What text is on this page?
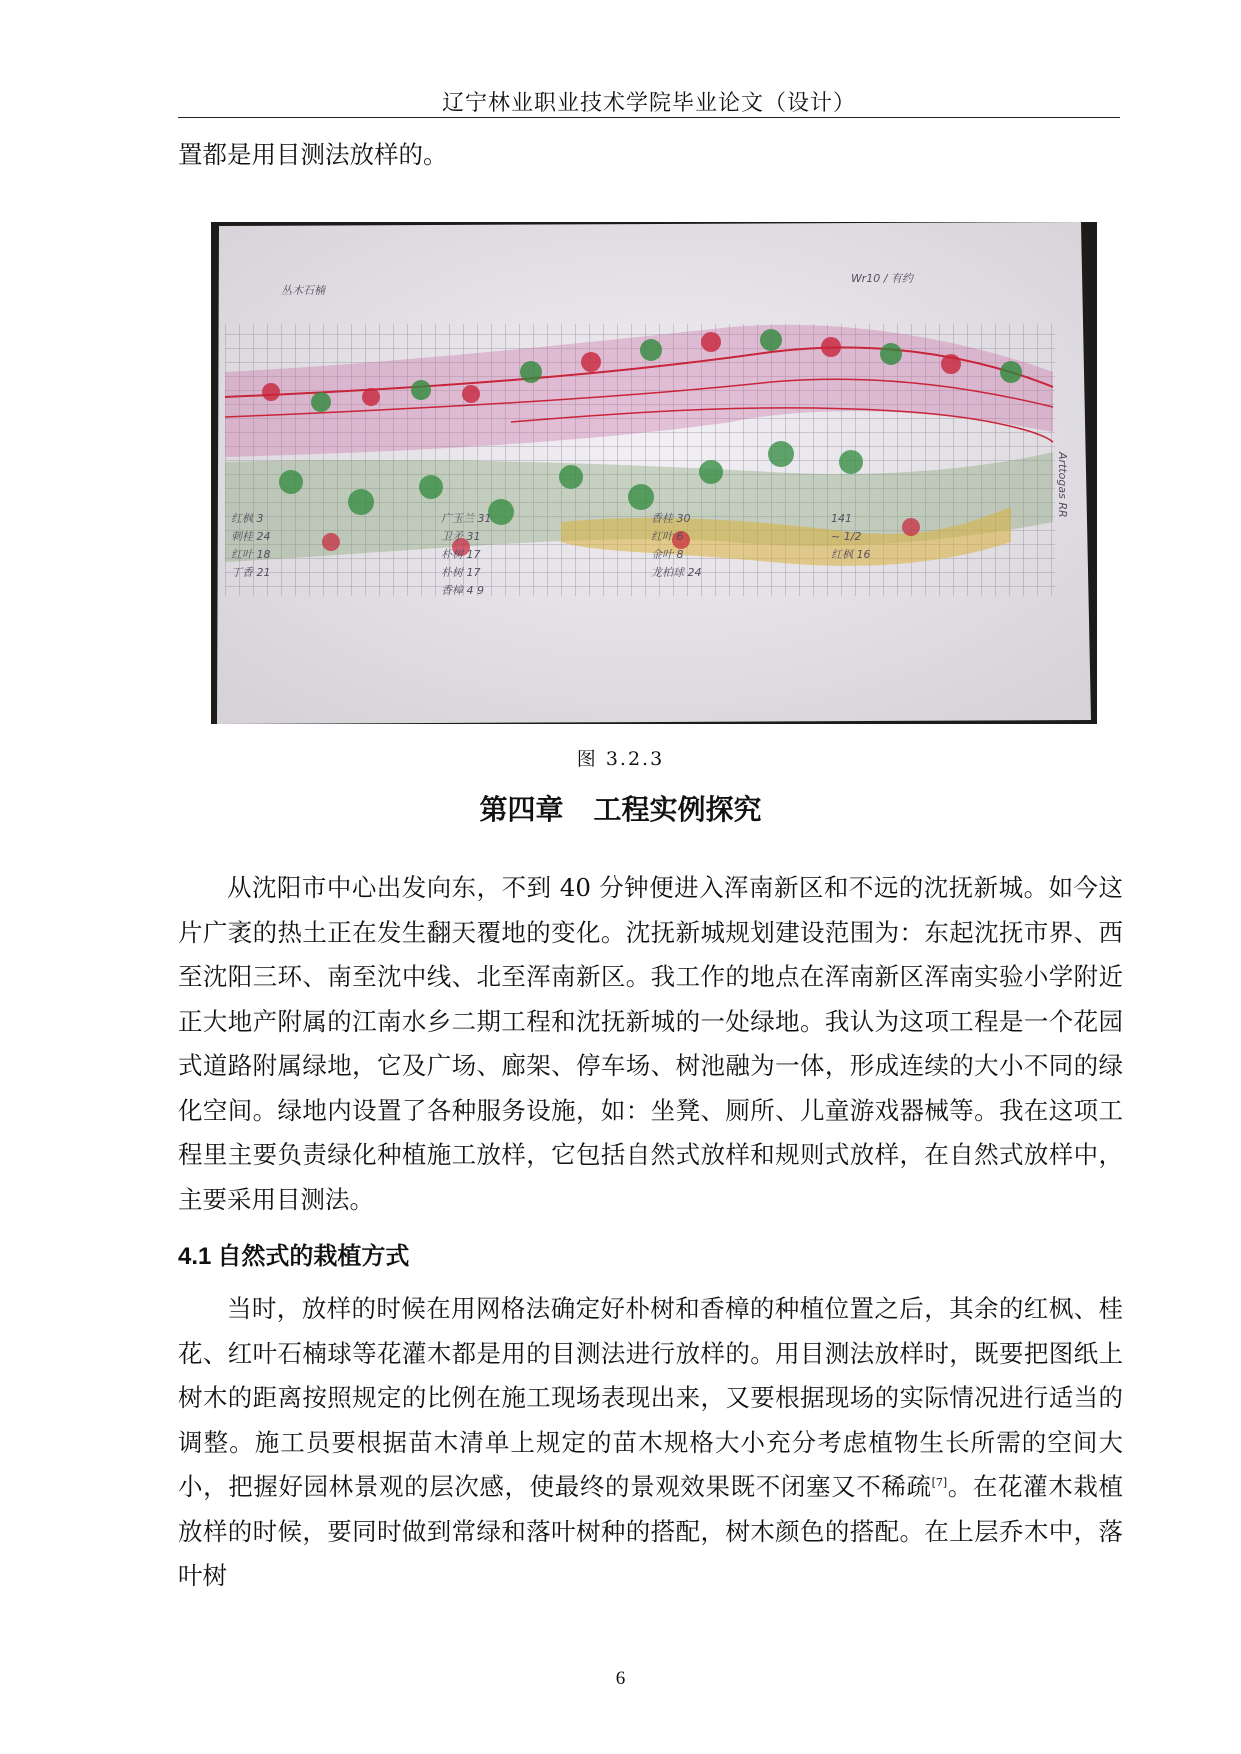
辽宁林业职业技术学院毕业论文（设计）
置都是用目测法放样的。
丛木石楠
Wr10 / 有约
Arttogas RR
红枫 3
刺桂 24
红叶 18
丁香 21
广玉兰 31
卫矛 31
朴树 17
朴树 17
香樟 4 9
香桂 30
红叶 6
金叶 8
龙柏球 24
141
~ 1/2
红枫 16
图 3.2.3
第四章 工程实例探究
从沈阳市中心出发向东，不到 40 分钟便进入浑南新区和不远的沈抚新城。如今这片广袤的热土正在发生翻天覆地的变化。沈抚新城规划建设范围为：东起沈抚市界、西至沈阳三环、南至沈中线、北至浑南新区。我工作的地点在浑南新区浑南实验小学附近正大地产附属的江南水乡二期工程和沈抚新城的一处绿地。我认为这项工程是一个花园式道路附属绿地，它及广场、廊架、停车场、树池融为一体，形成连续的大小不同的绿化空间。绿地内设置了各种服务设施，如：坐凳、厕所、儿童游戏器械等。我在这项工程里主要负责绿化种植施工放样，它包括自然式放样和规则式放样，在自然式放样中，主要采用目测法。
4.1 自然式的栽植方式
当时，放样的时候在用网格法确定好朴树和香樟的种植位置之后，其余的红枫、桂花、红叶石楠球等花灌木都是用的目测法进行放样的。用目测法放样时，既要把图纸上树木的距离按照规定的比例在施工现场表现出来，又要根据现场的实际情况进行适当的调整。施工员要根据苗木清单上规定的苗木规格大小充分考虑植物生长所需的空间大小，把握好园林景观的层次感，使最终的景观效果既不闭塞又不稀疏[7]。在花灌木栽植放样的时候，要同时做到常绿和落叶树种的搭配，树木颜色的搭配。在上层乔木中，落叶树
6
